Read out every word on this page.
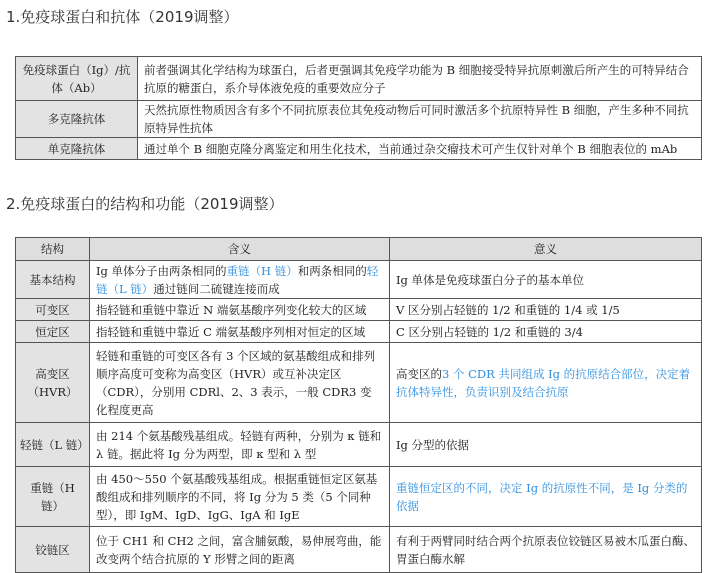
1.免疫球蛋白和抗体（2019调整）
免疫球蛋白（Ig）/抗体（Ab）	前者强调其化学结构为球蛋白，后者更强调其免疫学功能为 B 细胞接受特异抗原刺激后所产生的可特异结合抗原的糖蛋白，系介导体液免疫的重要效应分子
多克隆抗体	天然抗原性物质因含有多个不同抗原表位其免疫动物后可同时激活多个抗原特异性 B 细胞，产生多种不同抗原特异性抗体
单克隆抗体	通过单个 B 细胞克隆分离鉴定和用生化技术，当前通过杂交瘤技术可产生仅针对单个 B 细胞表位的 mAb
2.免疫球蛋白的结构和功能（2019调整）
结构	含义	意义
基本结构	Ig 单体分子由两条相同的重链（H 链）和两条相同的轻链（L 链）通过链间二硫键连接而成	Ig 单体是免疫球蛋白分子的基本单位
可变区	指轻链和重链中靠近 N 端氨基酸序列变化较大的区域	V 区分别占轻链的 1/2 和重链的 1/4 或 1/5
恒定区	指轻链和重链中靠近 C 端氨基酸序列相对恒定的区域	C 区分别占轻链的 1/2 和重链的 3/4
高变区（HVR）	轻链和重链的可变区各有 3 个区域的氨基酸组成和排列顺序高度可变称为高变区（HVR）或互补决定区（CDR），分别用 CDRl、2、3 表示，一般 CDR3 变化程度更高	高变区的3 个 CDR 共同组成 Ig 的抗原结合部位，决定着抗体特异性，负责识别及结合抗原
轻链（L 链）	由 214 个氨基酸残基组成。轻链有两种，分别为 κ 链和 λ 链。据此将 Ig 分为两型，即 κ 型和 λ 型	Ig 分型的依据
重链（H 链）	由 450～550 个氨基酸残基组成。根据重链恒定区氨基酸组成和排列顺序的不同，将 Ig 分为 5 类（5 个同种型），即 IgM、IgD、IgG、IgA 和 IgE	重链恒定区的不同，决定 Ig 的抗原性不同，是 Ig 分类的依据
铰链区	位于 CH1 和 CH2 之间，富含脯氨酸，易伸展弯曲，能改变两个结合抗原的 Y 形臂之间的距离	有利于两臂同时结合两个抗原表位铰链区易被木瓜蛋白酶、胃蛋白酶水解
